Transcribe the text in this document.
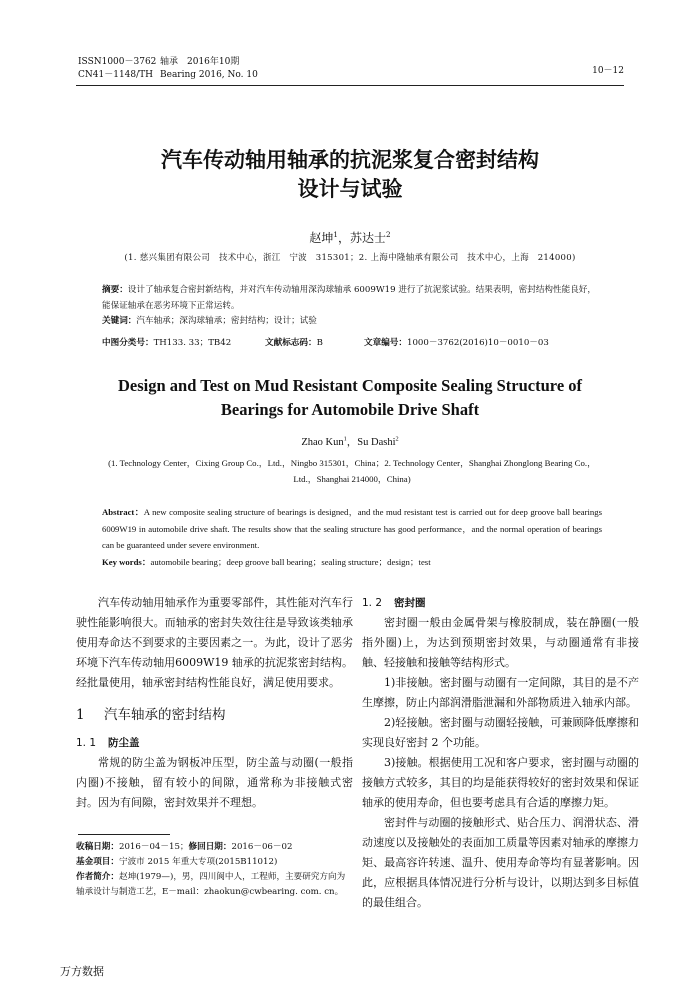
ISSN1000－3762 轴承　2016年10期
CN41－1148/TH Bearing 2016, No. 10	10－12
汽车传动轴用轴承的抗泥浆复合密封结构
设计与试验
赵坤$^1$，苏达士$^2$
(1. 慈兴集团有限公司　技术中心，浙江　宁波　315301；2. 上海中隆轴承有限公司　技术中心，上海　214000)
摘要：设计了轴承复合密封新结构，并对汽车传动轴用深沟球轴承 6009W19 进行了抗泥浆试验。结果表明，密封结构性能良好，能保证轴承在恶劣环境下正常运转。
关键词：汽车轴承；深沟球轴承；密封结构；设计；试验
中图分类号：TH133. 33；TB42	文献标志码：B	文章编号：1000－3762(2016)10－0010－03
Design and Test on Mud Resistant Composite Sealing Structure of
Bearings for Automobile Drive Shaft
Zhao Kun$^1$，Su Dashi$^2$
(1. Technology Center，Cixing Group Co.，Ltd.，Ningbo 315301，China；2. Technology Center，Shanghai Zhonglong Bearing Co.，Ltd.，Shanghai 214000，China)
Abstract：A new composite sealing structure of bearings is designed，and the mud resistant test is carried out for deep groove ball bearings 6009W19 in automobile drive shaft. The results show that the sealing structure has good performance，and the normal operation of bearings can be guaranteed under severe environment.
Key words：automobile bearing；deep groove ball bearing；sealing structure；design；test

汽车传动轴用轴承作为重要零部件，其性能对汽车行驶性能影响很大。而轴承的密封失效往往是导致该类轴承使用寿命达不到要求的主要因素之一。为此，设计了恶劣环境下汽车传动轴用6009W19 轴承的抗泥浆密封结构。经批量使用，轴承密封结构性能良好，满足使用要求。

1 汽车轴承的密封结构
1. 1 防尘盖

常规的防尘盖为钢板冲压型，防尘盖与动圈(一般指内圈)不接触，留有较小的间隙，通常称为非接触式密封。因为有间隙，密封效果并不理想。

收稿日期：2016－04－15；修回日期：2016－06－02
基金项目：宁波市 2015 年重大专项(2015B11012)
作者简介：赵坤(1979—)，男，四川阆中人，工程师，主要研究方向为轴承设计与制造工艺，E－mail：zhaokun@cwbearing. com. cn。
1. 2 密封圈

密封圈一般由金属骨架与橡胶制成，装在静圈(一般指外圈)上，为达到预期密封效果，与动圈通常有非接触、轻接触和接触等结构形式。

1)非接触。密封圈与动圈有一定间隙，其目的是不产生摩擦，防止内部润滑脂泄漏和外部物质进入轴承内部。

2)轻接触。密封圈与动圈轻接触，可兼顾降低摩擦和实现良好密封 2 个功能。

3)接触。根据使用工况和客户要求，密封圈与动圈的接触方式较多，其目的均是能获得较好的密封效果和保证轴承的使用寿命，但也要考虑具有合适的摩擦力矩。

密封件与动圈的接触形式、贴合压力、润滑状态、滑动速度以及接触处的表面加工质量等因素对轴承的摩擦力矩、最高容许转速、温升、使用寿命等均有显著影响。因此，应根据具体情况进行分析与设计，以期达到多目标值的最佳组合。

万方数据
